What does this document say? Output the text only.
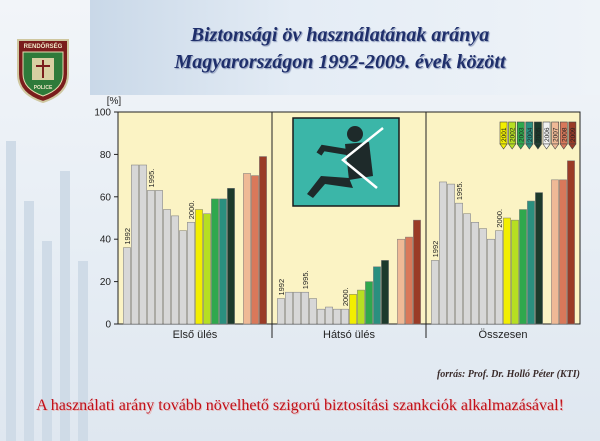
RENDŐRSÉG
POLICE
Biztonsági öv használatának aránya
Magyarországon 1992-2009. évek között
0
20
40
60
80
100
[%]
1992
1995.
2000.
Első ülés
1992 1995.
2000.
Hátsó ülés
1992
1995.
2000.
Összesen
2001 2002 2003 2004 2005 2006 2007 2008 2009
forrás: Prof. Dr. Holló Péter (KTI)
A használati arány tovább növelhető szigorú biztosítási szankciók alkalmazásával!
